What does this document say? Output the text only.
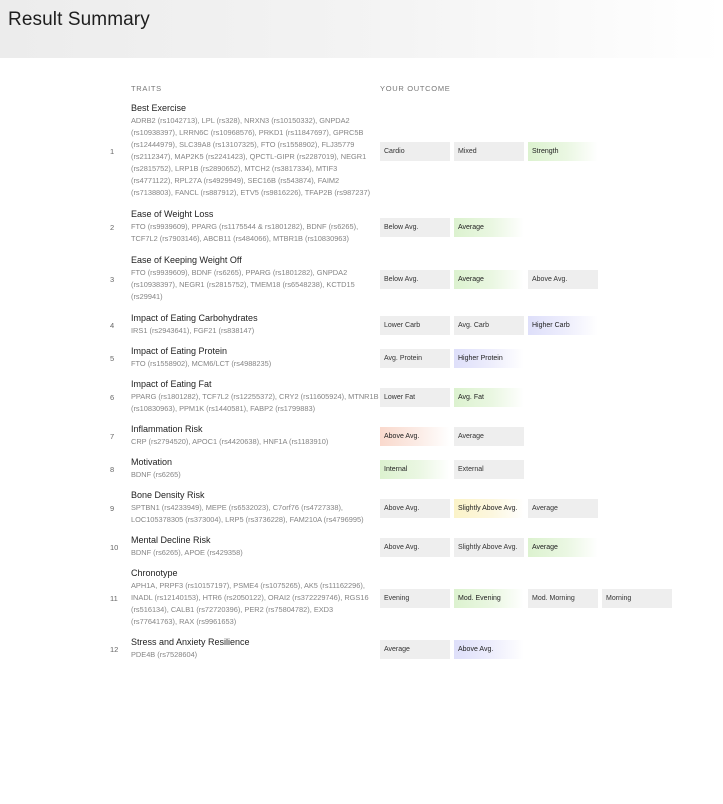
Result Summary
TRAITS	YOUR OUTCOME
1
Best Exercise
ADRB2 (rs1042713), LPL (rs328), NRXN3 (rs10150332), GNPDA2 (rs10938397), LRRN6C (rs10968576), PRKD1 (rs11847697), GPRC5B (rs12444979), SLC39A8 (rs13107325), FTO (rs1558902), FLJ35779 (rs2112347), MAP2K5 (rs2241423), QPCTL-GIPR (rs2287019), NEGR1 (rs2815752), LRP1B (rs2890652), MTCH2 (rs3817334), MTIF3 (rs4771122), RPL27A (rs4929949), SEC16B (rs543874), FAIM2 (rs7138803), FANCL (rs887912), ETV5 (rs9816226), TFAP2B (rs987237)
Cardio	Mixed	Strength
2
Ease of Weight Loss
FTO (rs9939609), PPARG (rs1175544 & rs1801282), BDNF (rs6265), TCF7L2 (rs7903146), ABCB11 (rs484066), MTBR1B (rs10830963)
Below Avg.	Average
3
Ease of Keeping Weight Off
FTO (rs9939609), BDNF (rs6265), PPARG (rs1801282), GNPDA2 (rs10938397), NEGR1 (rs2815752), TMEM18 (rs6548238), KCTD15 (rs29941)
Below Avg.	Average	Above Avg.
4
Impact of Eating Carbohydrates
IRS1 (rs2943641), FGF21 (rs838147)
Lower Carb	Avg. Carb	Higher Carb
5
Impact of Eating Protein
FTO (rs1558902), MCM6/LCT (rs4988235)
Avg. Protein	Higher Protein
6
Impact of Eating Fat
PPARG (rs1801282), TCF7L2 (rs12255372), CRY2 (rs11605924), MTNR1B (rs10830963), PPM1K (rs1440581), FABP2 (rs1799883)
Lower Fat	Avg. Fat
7
Inflammation Risk
CRP (rs2794520), APOC1 (rs4420638), HNF1A (rs1183910)
Above Avg.	Average
8
Motivation
BDNF (rs6265)
Internal	External
9
Bone Density Risk
SPTBN1 (rs4233949), MEPE (rs6532023), C7orf76 (rs4727338), LOC105378305 (rs373004), LRP5 (rs3736228), FAM210A (rs4796995)
Above Avg.	Slightly Above Avg.	Average
10
Mental Decline Risk
BDNF (rs6265), APOE (rs429358)
Above Avg.	Slightly Above Avg.	Average
11
Chronotype
APH1A, PRPF3 (rs10157197), PSME4 (rs1075265), AK5 (rs11162296), INADL (rs12140153), HTR6 (rs2050122), ORAI2 (rs372229746), RGS16 (rs516134), CALB1 (rs72720396), PER2 (rs75804782), EXD3 (rs77641763), RAX (rs9961653)
Evening	Mod. Evening	Mod. Morning	Morning
12
Stress and Anxiety Resilience
PDE4B (rs7528604)
Average	Above Avg.
